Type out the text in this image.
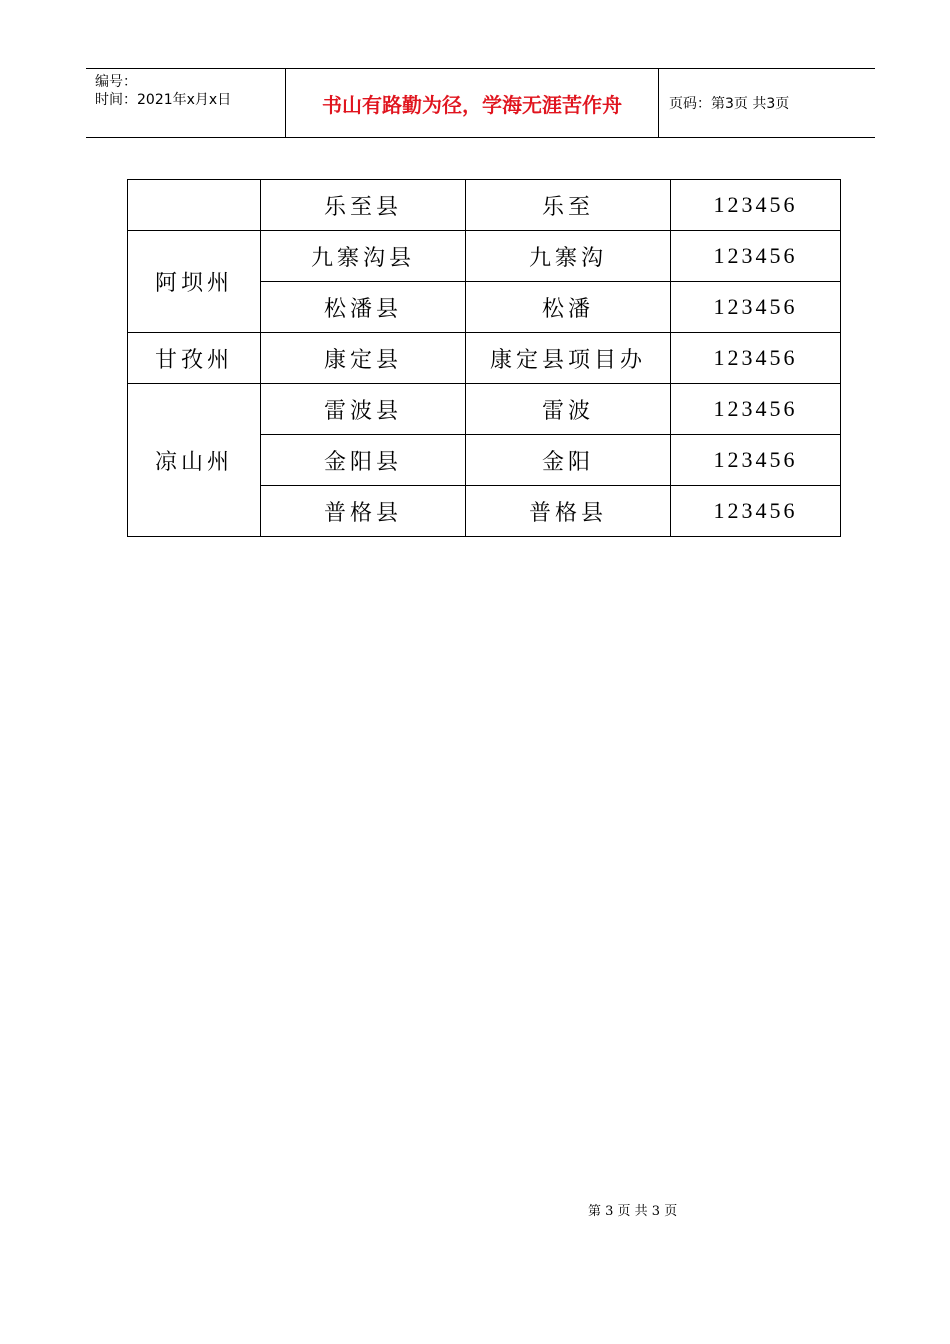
编号：
时间：2021年x月x日	书山有路勤为径，学海无涯苦作舟	页码：第3页 共3页
	乐至县	乐至	123456
阿坝州	九寨沟县	九寨沟	123456
	松潘县	松潘	123456
甘孜州	康定县	康定县项目办	123456
凉山州	雷波县	雷波	123456
	金阳县	金阳	123456
	普格县	普格县	123456
第 3 页 共 3 页
